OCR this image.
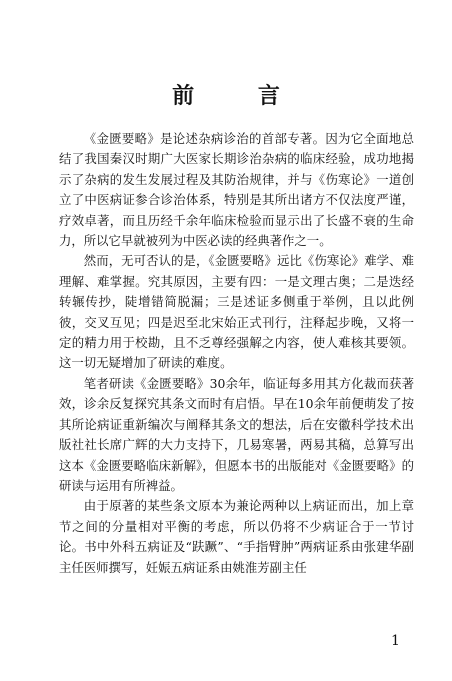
前 言

《金匮要略》是论述杂病诊治的首部专著。因为它全面地总结了我国秦汉时期广大医家长期诊治杂病的临床经验，成功地揭示了杂病的发生发展过程及其防治规律，并与《伤寒论》一道创立了中医病证参合诊治体系，特别是其所出诸方不仅法度严谨，疗效卓著，而且历经千余年临床检验而显示出了长盛不衰的生命力，所以它早就被列为中医必读的经典著作之一。

然而，无可否认的是，《金匮要略》远比《伤寒论》难学、难理解、难掌握。究其原因，主要有四：一是文理古奥；二是迭经转辗传抄，陡增错简脱漏；三是述证多侧重于举例，且以此例彼，交叉互见；四是迟至北宋始正式刊行，注释起步晚，又将一定的精力用于校勘，且不乏尊经强解之内容，使人难核其要领。这一切无疑增加了研读的难度。

笔者研读《金匮要略》30余年，临证每多用其方化裁而获著效，诊余反复探究其条文而时有启悟。早在10余年前便萌发了按其所论病证重新编次与阐释其条文的想法，后在安徽科学技术出版社社长席广辉的大力支持下，几易寒暑，两易其稿，总算写出这本《金匮要略临床新解》，但愿本书的出版能对《金匮要略》的研读与运用有所裨益。

由于原著的某些条文原本为兼论两种以上病证而出，加上章节之间的分量相对平衡的考虑，所以仍将不少病证合于一节讨论。书中外科五病证及“趺蹶”、“手指臂肿”两病证系由张建华副主任医师撰写，妊娠五病证系由姚淮芳副主任

1
